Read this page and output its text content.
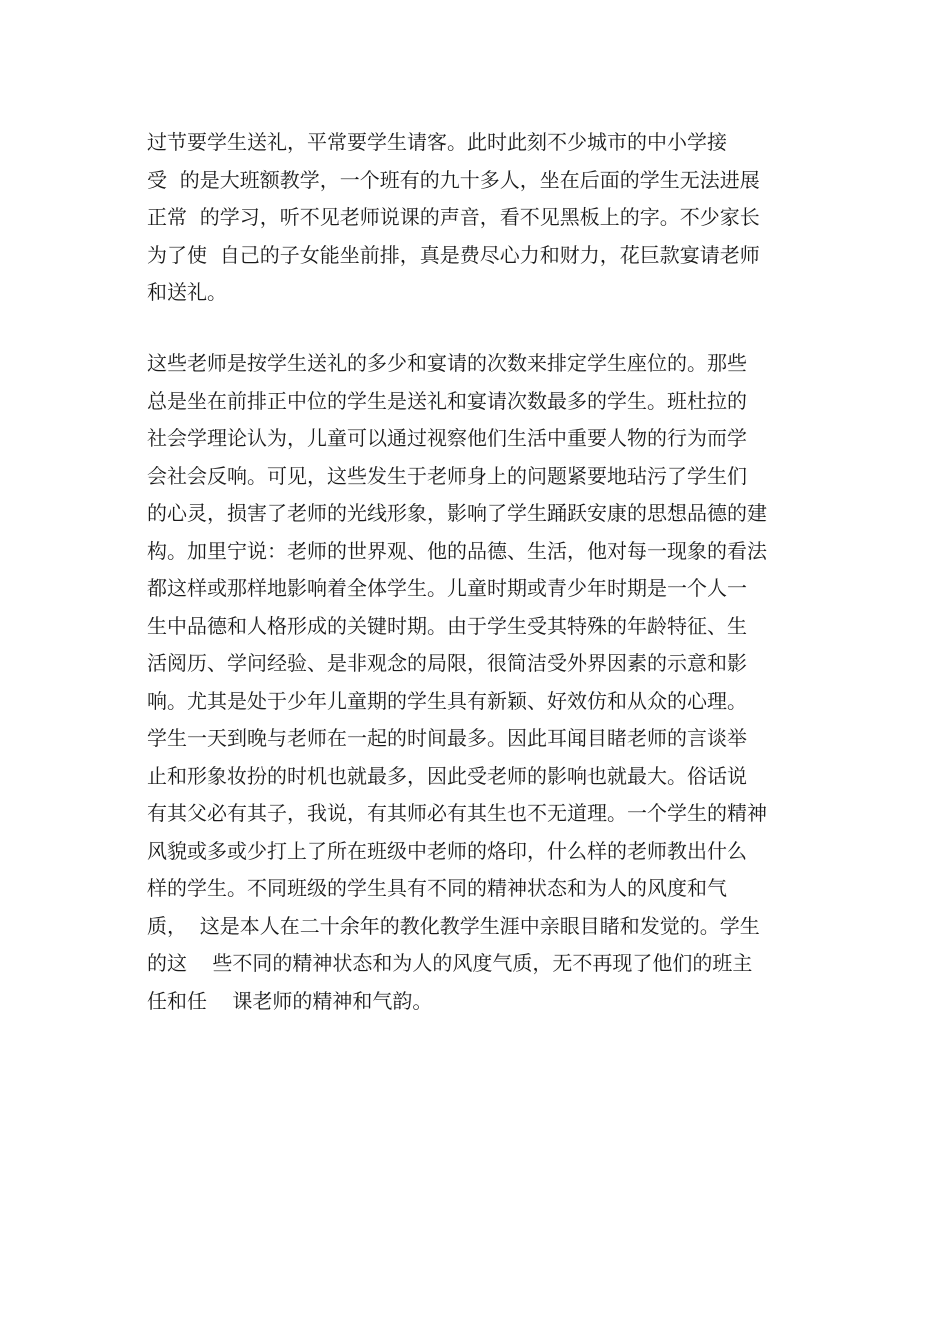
过节要学生送礼，平常要学生请客。此时此刻不少城市的中小学接
受  的是大班额教学，一个班有的九十多人，坐在后面的学生无法进展
正常  的学习，听不见老师说课的声音，看不见黑板上的字。不少家长
为了使  自己的子女能坐前排，真是费尽心力和财力，花巨款宴请老师
和送礼。
这些老师是按学生送礼的多少和宴请的次数来排定学生座位的。那些
总是坐在前排正中位的学生是送礼和宴请次数最多的学生。班杜拉的
社会学理论认为，儿童可以通过视察他们生活中重要人物的行为而学
会社会反响。可见，这些发生于老师身上的问题紧要地玷污了学生们
的心灵，损害了老师的光线形象，影响了学生踊跃安康的思想品德的建
构。加里宁说：老师的世界观、他的品德、生活，他对每一现象的看法
都这样或那样地影响着全体学生。儿童时期或青少年时期是一个人一
生中品德和人格形成的关键时期。由于学生受其特殊的年龄特征、生
活阅历、学问经验、是非观念的局限，很简洁受外界因素的示意和影
响。尤其是处于少年儿童期的学生具有新颖、好效仿和从众的心理。
学生一天到晚与老师在一起的时间最多。因此耳闻目睹老师的言谈举
止和形象妆扮的时机也就最多，因此受老师的影响也就最大。俗话说
有其父必有其子，我说，有其师必有其生也不无道理。一个学生的精神
风貌或多或少打上了所在班级中老师的烙印，什么样的老师教出什么
样的学生。不同班级的学生具有不同的精神状态和为人的风度和气
质，  这是本人在二十余年的教化教学生涯中亲眼目睹和发觉的。学生
的这    些不同的精神状态和为人的风度气质，无不再现了他们的班主
任和任    课老师的精神和气韵。
